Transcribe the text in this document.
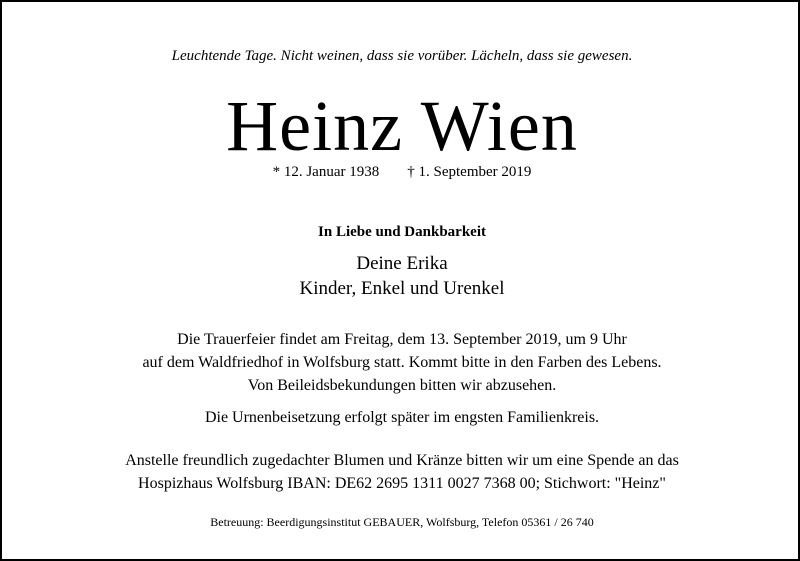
Leuchtende Tage. Nicht weinen, dass sie vorüber. Lächeln, dass sie gewesen.
Heinz Wien
* 12. Januar 1938 † 1. September 2019
In Liebe und Dankbarkeit
Deine Erika
Kinder, Enkel und Urenkel
Die Trauerfeier findet am Freitag, dem 13. September 2019, um 9 Uhr
auf dem Waldfriedhof in Wolfsburg statt. Kommt bitte in den Farben des Lebens.
Von Beileidsbekundungen bitten wir abzusehen.
Die Urnenbeisetzung erfolgt später im engsten Familienkreis.
Anstelle freundlich zugedachter Blumen und Kränze bitten wir um eine Spende an das
Hospizhaus Wolfsburg IBAN: DE62 2695 1311 0027 7368 00; Stichwort: "Heinz"
Betreuung: Beerdigungsinstitut GEBAUER, Wolfsburg, Telefon 05361 / 26 740
